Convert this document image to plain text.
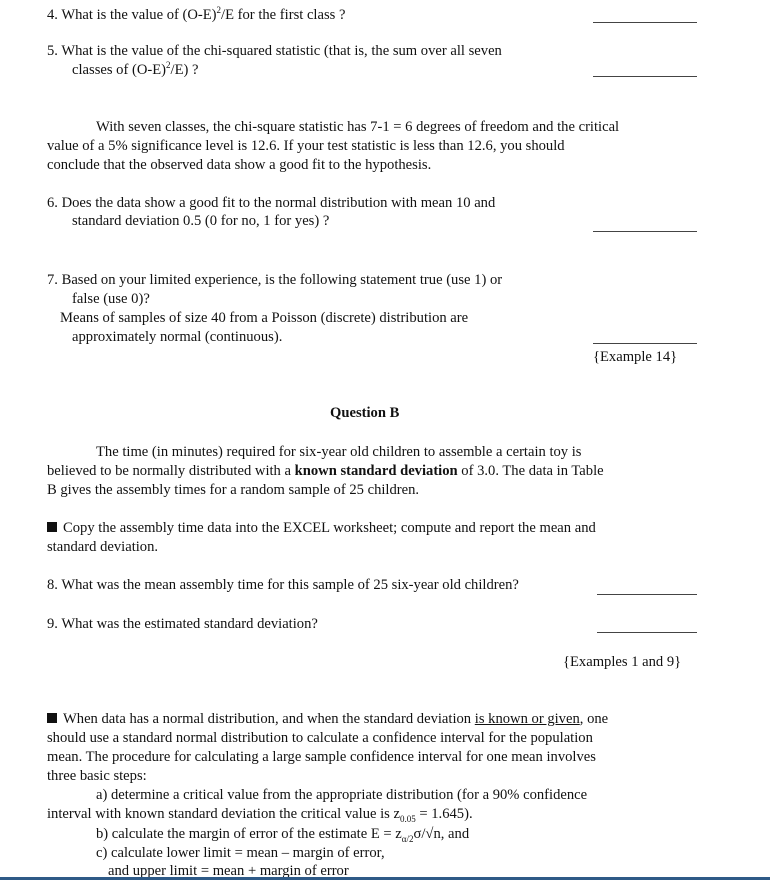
4. What is the value of $(O-E)^2/E$ for the first class ?
5. What is the value of the chi-squared statistic (that is, the sum over all seven
classes of $(O-E)^2/E$) ?
With seven classes, the chi-square statistic has 7-1 = 6 degrees of freedom and the critical
value of a 5% significance level is 12.6. If your test statistic is less than 12.6, you should
conclude that the observed data show a good fit to the hypothesis.
6. Does the data show a good fit to the normal distribution with mean 10 and
standard deviation 0.5 (0 for no, 1 for yes) ?
7. Based on your limited experience, is the following statement true (use 1) or
false (use 0)?
Means of samples of size 40 from a Poisson (discrete) distribution are
approximately normal (continuous).
{Example 14}
Question B
The time (in minutes) required for six-year old children to assemble a certain toy is
believed to be normally distributed with a known standard deviation of 3.0. The data in Table
B gives the assembly times for a random sample of 25 children.
Copy the assembly time data into the EXCEL worksheet; compute and report the mean and
standard deviation.
8. What was the mean assembly time for this sample of 25 six-year old children?
9. What was the estimated standard deviation?
{Examples 1 and 9}
When data has a normal distribution, and when the standard deviation is known or given, one
should use a standard normal distribution to calculate a confidence interval for the population
mean. The procedure for calculating a large sample confidence interval for one mean involves
three basic steps:
a) determine a critical value from the appropriate distribution (for a 90% confidence
interval with known standard deviation the critical value is $z_{0.05} = 1.645$).
b) calculate the margin of error of the estimate $E = z_{\alpha/2}\sigma/√n$, and
c) calculate lower limit = mean – margin of error,
and upper limit = mean + margin of error
